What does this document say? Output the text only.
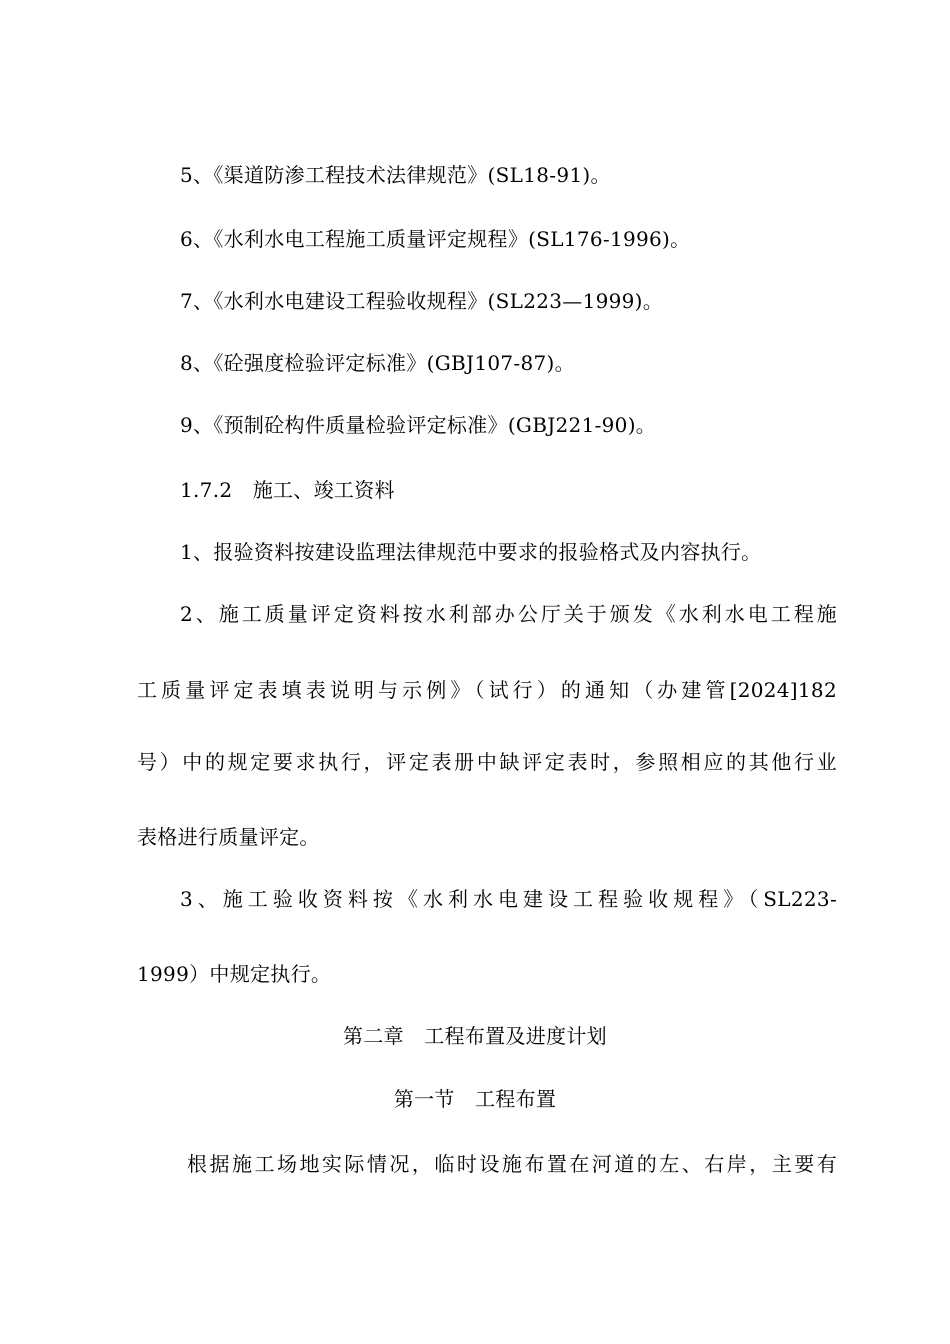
5、《渠道防渗工程技术法律规范》(SL18-91)。
6、《水利水电工程施工质量评定规程》(SL176-1996)。
7、《水利水电建设工程验收规程》(SL223—1999)。
8、《砼强度检验评定标准》(GBJ107-87)。
9、《预制砼构件质量检验评定标准》(GBJ221-90)。
1.7.2　施工、竣工资料
1、报验资料按建设监理法律规范中要求的报验格式及内容执行。
2、施工质量评定资料按水利部办公厅关于颁发《水利水电工程施
工质量评定表填表说明与示例》（试行）的通知（办建管[2024]182
号）中的规定要求执行，评定表册中缺评定表时，参照相应的其他行业
表格进行质量评定。
3、施工验收资料按《水利水电建设工程验收规程》（SL223-
1999）中规定执行。
第二章　工程布置及进度计划
第一节　工程布置
根据施工场地实际情况，临时设施布置在河道的左、右岸，主要有
